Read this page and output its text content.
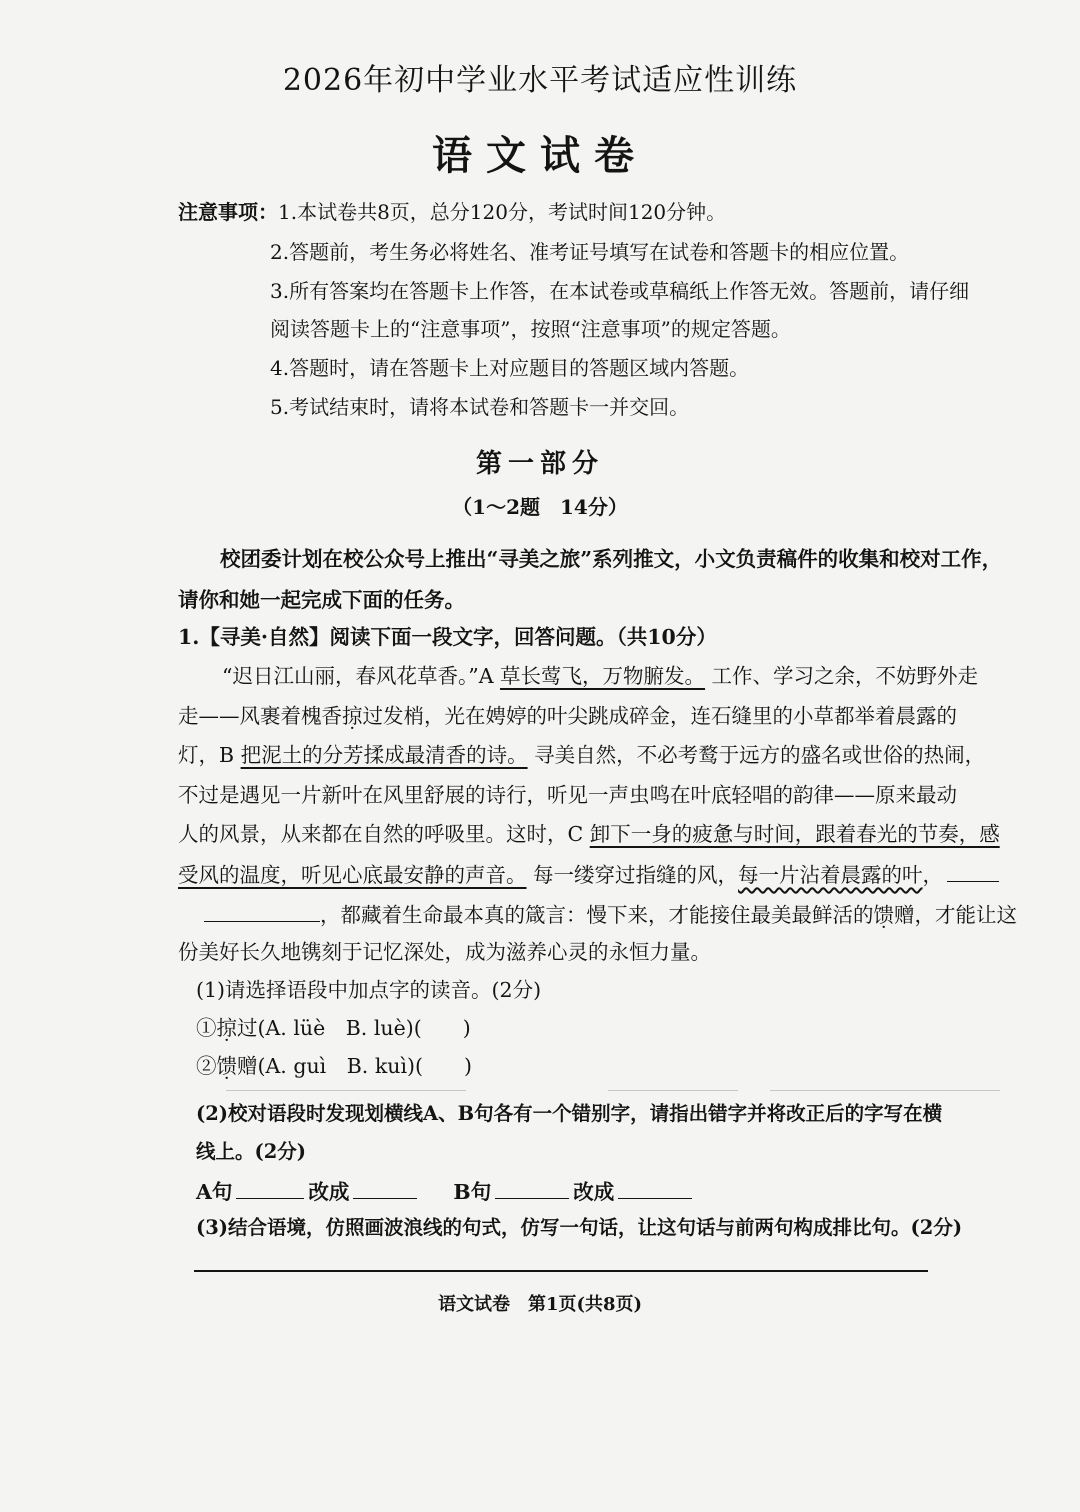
2026年初中学业水平考试适应性训练
语文试卷
注意事项：1.本试卷共8页，总分120分，考试时间120分钟。
2.答题前，考生务必将姓名、准考证号填写在试卷和答题卡的相应位置。
3.所有答案均在答题卡上作答，在本试卷或草稿纸上作答无效。答题前，请仔细
阅读答题卡上的“注意事项”，按照“注意事项”的规定答题。
4.答题时，请在答题卡上对应题目的答题区域内答题。
5.考试结束时，请将本试卷和答题卡一并交回。
第一部分
（1～2题　14分）
校团委计划在校公众号上推出“寻美之旅”系列推文，小文负责稿件的收集和校对工作，
请你和她一起完成下面的任务。
1.【寻美·自然】阅读下面一段文字，回答问题。（共10分）
“迟日江山丽，春风花草香。”A 草长莺飞，万物腑发。 工作、学习之余，不妨野外走
走——风裹着槐香掠过发梢，光在娉婷的叶尖跳成碎金，连石缝里的小草都举着晨露的
灯，B 把泥土的分芳揉成最清香的诗。 寻美自然，不必考鹜于远方的盛名或世俗的热闹，
不过是遇见一片新叶在风里舒展的诗行，听见一声虫鸣在叶底轻唱的韵律——原来最动
人的风景，从来都在自然的呼吸里。这时，C 卸下一身的疲惫与时间，跟着春光的节奏，感
受风的温度，听见心底最安静的声音。 每一缕穿过指缝的风，每一片沾着晨露的叶，
，都藏着生命最本真的箴言：慢下来，才能接住最美最鲜活的馈赠，才能让这
份美好长久地镌刻于记忆深处，成为滋养心灵的永恒力量。
(1)请选择语段中加点字的读音。(2分)
①掠过(A. lüè　B. luè)(　　)
②馈赠(A. guì　B. kuì)(　　)
(2)校对语段时发现划横线A、B句各有一个错别字，请指出错字并将改正后的字写在横
线上。(2分)
A句	改成	B句	改成
(3)结合语境，仿照画波浪线的句式，仿写一句话，让这句话与前两句构成排比句。(2分)
语文试卷　第1页(共8页)
